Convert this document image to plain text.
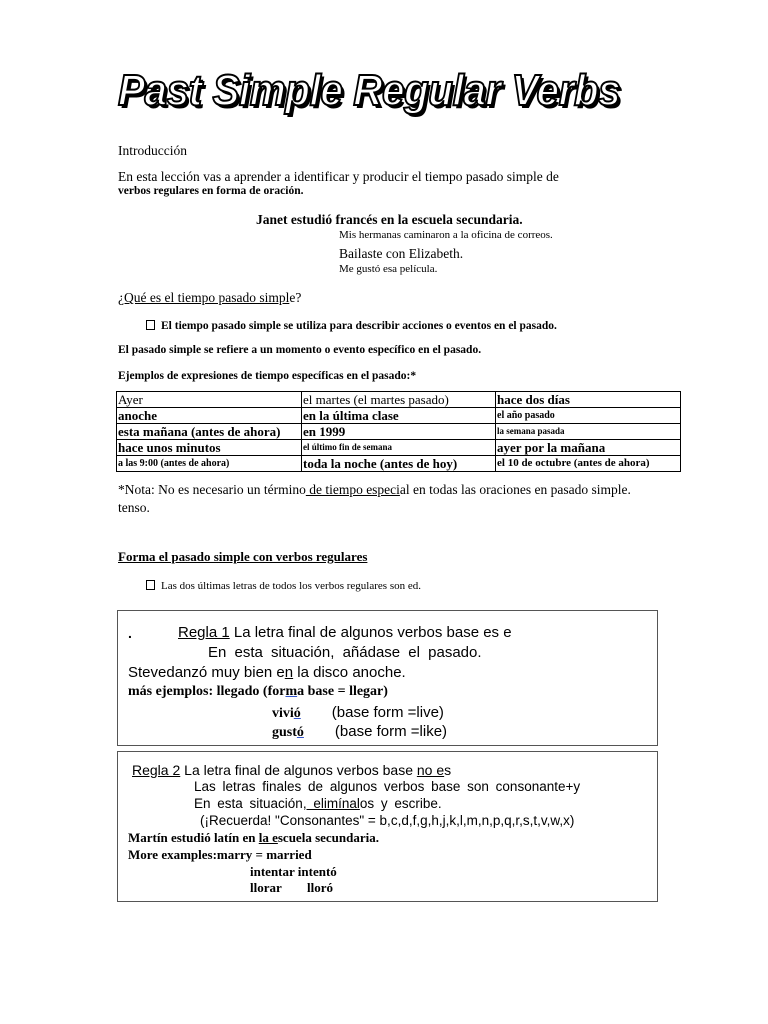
Past Simple Regular Verbs
Introducción
En esta lección vas a aprender a identificar y producir el tiempo pasado simple de
verbos regulares en forma de oración.
Janet estudió francés en la escuela secundaria.
Mis hermanas caminaron a la oficina de correos.
Bailaste con Elizabeth.
Me gustó esa película.
¿Qué es el tiempo pasado simple?
El tiempo pasado simple se utiliza para describir acciones o eventos en el pasado.
El pasado simple se refiere a un momento o evento específico en el pasado.
Ejemplos de expresiones de tiempo específicas en el pasado:*
Ayer	el martes (el martes pasado)	hace dos días
anoche	en la última clase	el año pasado
esta mañana (antes de ahora)	en 1999	la semana pasada
hace unos minutos	el último fin de semana	ayer por la mañana
a las 9:00 (antes de ahora)	toda la noche (antes de hoy)	el 10 de octubre (antes de ahora)
*Nota: No es necesario un término de tiempo especial en todas las oraciones en pasado simple.
tenso.
Forma el pasado simple con verbos regulares
Las dos últimas letras de todos los verbos regulares son ed.
.	Regla 1 La letra final de algunos verbos base es e
En esta situación, añádase el pasado.
Stevedanzó muy bien en la disco anoche.
más ejemplos: llegado (forma base = llegar)
vivió (base form =live)
gustó (base form =like)
Regla 2 La letra final de algunos verbos base no es
Las letras finales de algunos verbos base son consonante+y
En esta situación, elimínalos y escribe.
(¡Recuerda! "Consonantes" = b,c,d,f,g,h,j,k,l,m,n,p,q,r,s,t,v,w,x)
Martín estudió latín en la escuela secundaria.
More examples:marry = married
intentar intentó
llorar lloró
